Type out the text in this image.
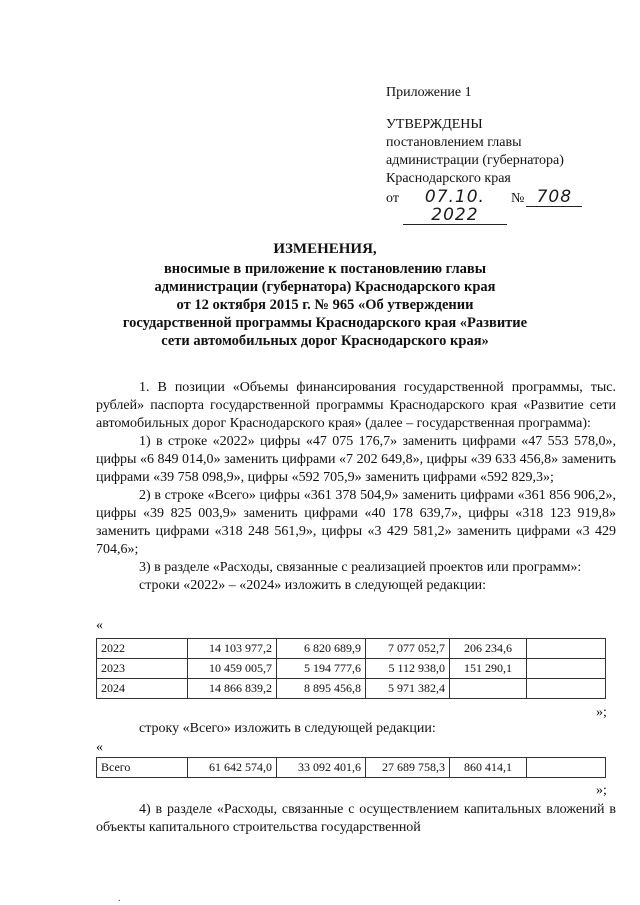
Приложение 1
УТВЕРЖДЕНЫ
постановлением главы
администрации (губернатора)
Краснодарского края
от	07.10. 2022
№ 708
ИЗМЕНЕНИЯ,
вносимые в приложение к постановлению главы
администрации (губернатора) Краснодарского края
от 12 октября 2015 г. № 965 «Об утверждении
государственной программы Краснодарского края «Развитие
сети автомобильных дорог Краснодарского края»

1. В позиции «Объемы финансирования государственной программы, тыс. рублей» паспорта государственной программы Краснодарского края «Развитие сети автомобильных дорог Краснодарского края» (далее – государственная программа):

1) в строке «2022» цифры «47 075 176,7» заменить цифрами «47 553 578,0», цифры «6 849 014,0» заменить цифрами «7 202 649,8», цифры «39 633 456,8» заменить цифрами «39 758 098,9», цифры «592 705,9» заменить цифрами «592 829,3»;

2) в строке «Всего» цифры «361 378 504,9» заменить цифрами «361 856 906,2», цифры «39 825 003,9» заменить цифрами «40 178 639,7», цифры «318 123 919,8» заменить цифрами «318 248 561,9», цифры «3 429 581,2» заменить цифрами «3 429 704,6»;

3) в разделе «Расходы, связанные с реализацией проектов или программ»:

строки «2022» – «2024» изложить в следующей редакции:

«
2022	14 103 977,2	6 820 689,9	7 077 052,7	206 234,6	
2023	10 459 005,7	5 194 777,6	5 112 938,0	151 290,1	
2024	14 866 839,2	8 895 456,8	5 971 382,4		
»;
строку «Всего» изложить в следующей редакции:
«
Всего	61 642 574,0	33 092 401,6	27 689 758,3	860 414,1	
»;

4) в разделе «Расходы, связанные с осуществлением капитальных вложений в объекты капитального строительства государственной

.
